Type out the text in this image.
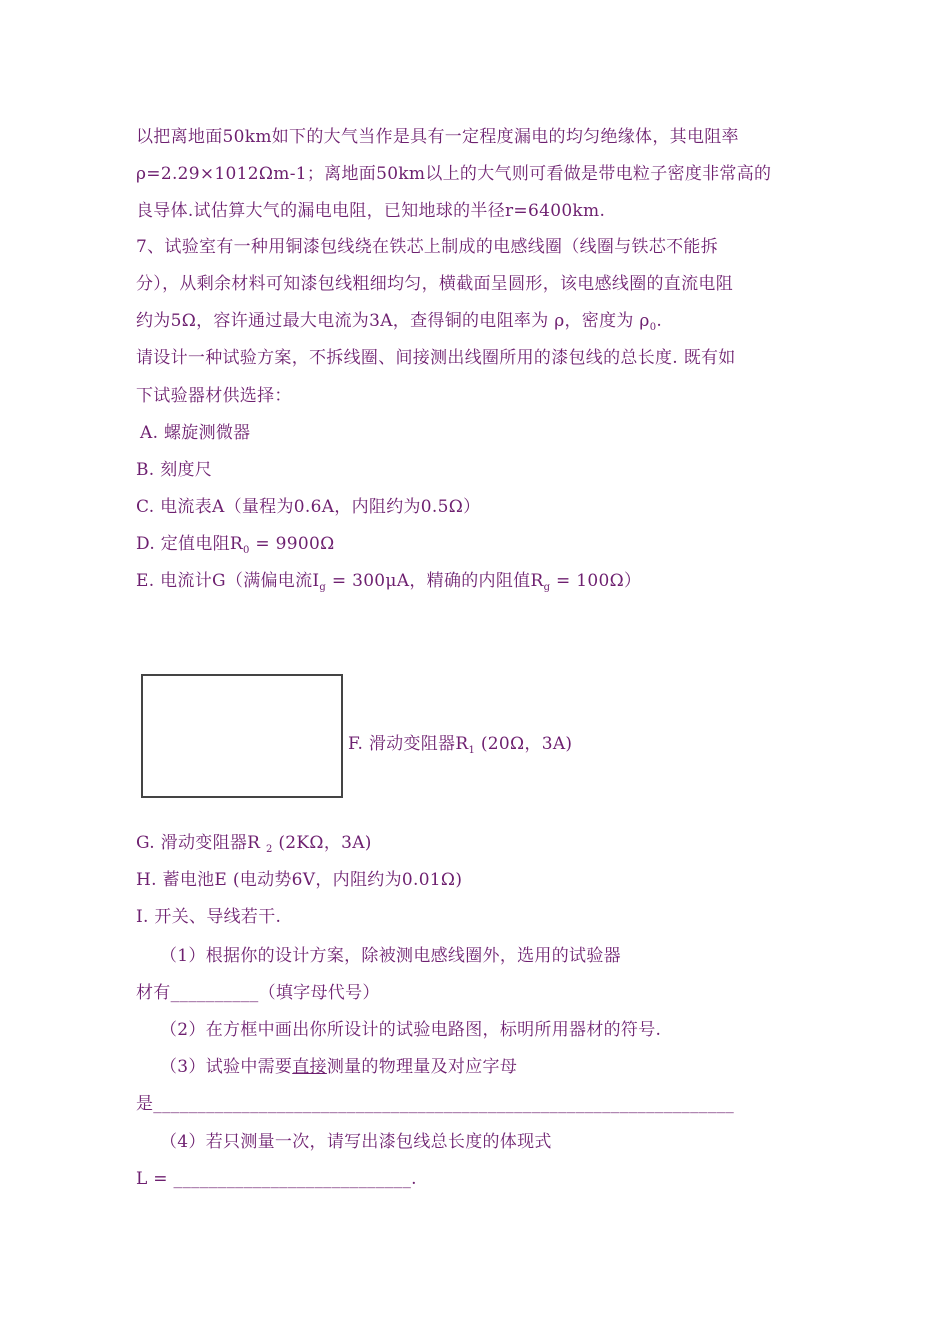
以把离地面50km如下的大气当作是具有一定程度漏电的均匀绝缘体，其电阻率
ρ=2.29×1012Ωm-1；离地面50km以上的大气则可看做是带电粒子密度非常高的
良导体.试估算大气的漏电电阻，已知地球的半径r=6400km.
7、试验室有一种用铜漆包线绕在铁芯上制成的电感线圈（线圈与铁芯不能拆
分），从剩余材料可知漆包线粗细均匀，横截面呈圆形，该电感线圈的直流电阻
约为5Ω，容许通过最大电流为3A，查得铜的电阻率为 ρ，密度为 $\rho_0$.
请设计一种试验方案，不拆线圈、间接测出线圈所用的漆包线的总长度. 既有如
下试验器材供选择：
A. 螺旋测微器
B. 刻度尺
C. 电流表A（量程为0.6A，内阻约为0.5Ω）
D. 定值电阻$R_0 = 9900\Omega$
E. 电流计G（满偏电流$I_g = 300\mu A$，精确的内阻值$R_g = 100\Omega$）
F. 滑动变阻器$R_1$ (20Ω，3A)
G. 滑动变阻器R $_2$ (2KΩ，3A)
H. 蓄电池E (电动势6V，内阻约为0.01Ω)
I. 开关、导线若干.
（1）根据你的设计方案，除被测电感线圈外，选用的试验器
材有__________（填字母代号）
（2）在方框中画出你所设计的试验电路图，标明所用器材的符号.
（3）试验中需要直接测量的物理量及对应字母
是__________________________________________________________________
（4）若只测量一次，请写出漆包线总长度的体现式
L = ___________________________.
